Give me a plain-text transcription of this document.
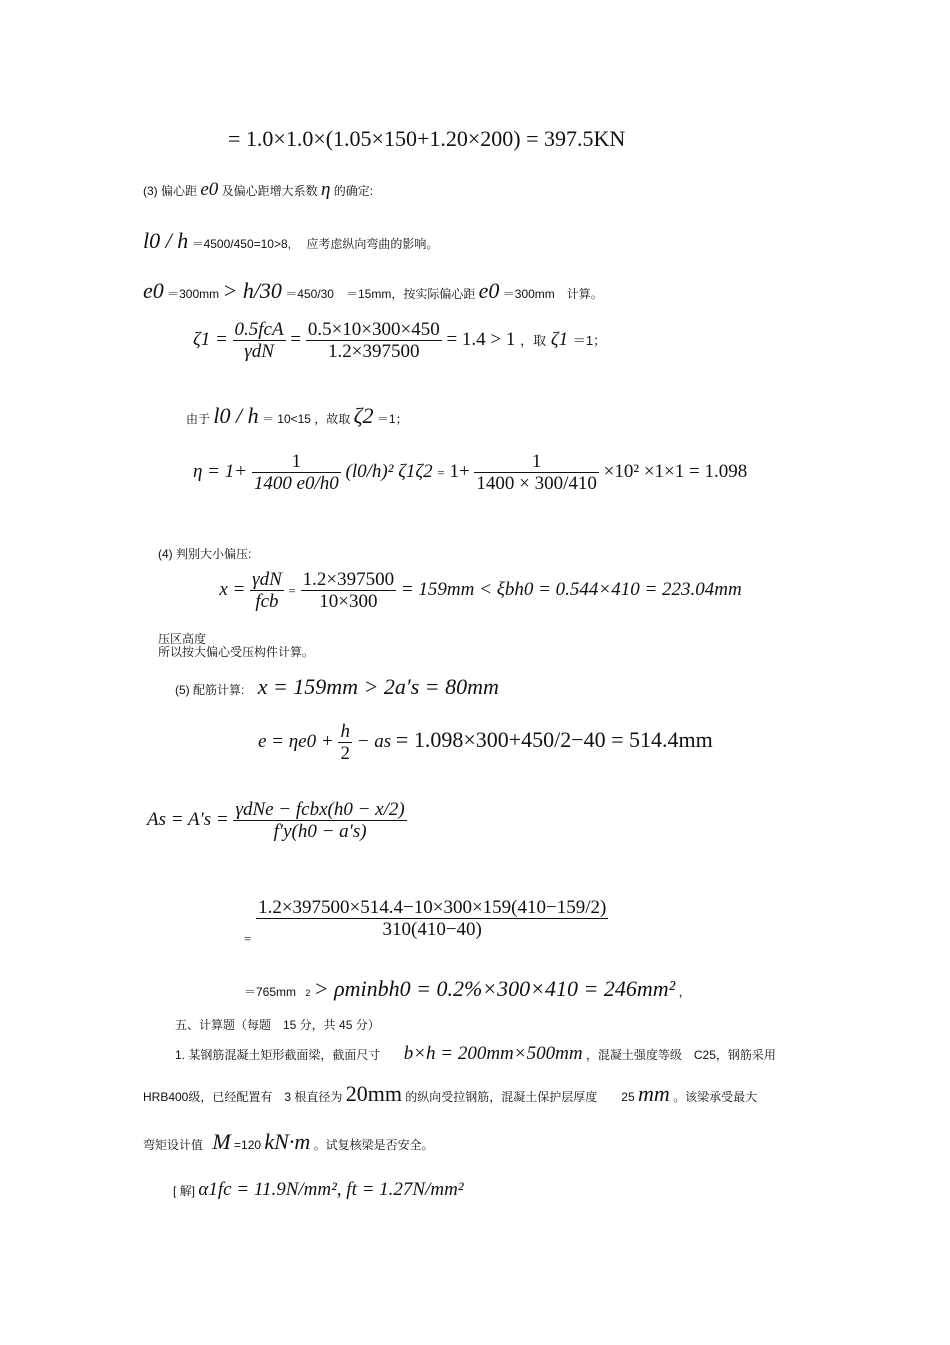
= 1.0×1.0×(1.05×150+1.20×200) = 397.5KN
(3) 偏心距 e0 及偏心距增大系数 η 的确定:
l0 / h ＝4500/450=10>8,　 应考虑纵向弯曲的影响。
e0 ＝300mm > h/30 ＝450/30　＝15mm，按实际偏心距 e0 ＝300mm　计算。
$\zeta 1 = \frac{\text{0.5fcA}}{\text{γdN}} = \frac{0.5\times 10\times 300\times 450}{1.2\times 397500} = 1.4 > 1$ ，取 ζ1 ＝1；
由于 l0 / h ＝ 10<15 ，故取 ζ2 ＝1；
$\eta = 1+ \frac{1}{1400 e0/h0} (l0/h)^2$ $\zeta 1\zeta 2 = 1+ \frac{1}{1400 \times 300/410} \times 10^2 \times 1\times 1 = 1.098$
(4) 判别大小偏压:
压区高度 $x = \frac{\text{γdN}}{\text{fcb}} = \frac{1.2\times 397500}{10\times 300} = 159mm < \xi bh0 = 0.544\times 410 = 223.04mm$
所以按大偏心受压构件计算。
(5) 配筋计算: x = 159mm > 2a′s = 80mm
$e = \eta e0 + \frac{h}{2}$ − as = 1.098×300+450/2−40 = 514.4mm
$As = A's = \frac{\text{γdNe − fcbx(h0 − x/2)}}{f'y(h0 - a's)}$
$_= \frac{1.2\times 397500\times 514.4-10\times 300\times 159(410-159/2)}{310(410-40)}$
＝765mm 2 > ρminbh0 = 0.2%×300×410 = 246mm² ，
五、计算题（每题　15 分，共 45 分）
1. 某钢筋混凝土矩形截面梁，截面尺寸 b×h = 200mm×500mm ，混凝土强度等级　C25，钢筋采用
HRB400级，已经配置有　3 根直径为 20mm 的纵向受拉钢筋，混凝土保护层厚度　　25 mm 。该梁承受最大
弯矩设计值 M =120 kN·m 。试复核梁是否安全。
[ 解] α1fc = 11.9N/mm², ft = 1.27N/mm²
